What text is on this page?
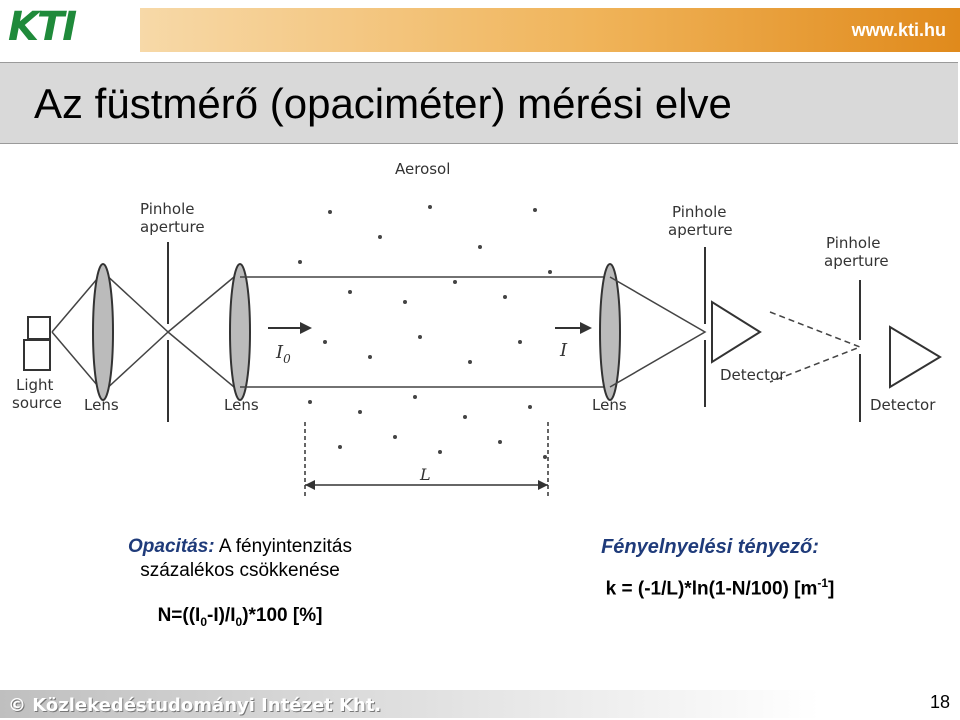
KTI	www.kti.hu
Az füstmérő (opaciméter) mérési elve
Aerosol
Pinhole
aperture
Pinhole
aperture
Pinhole
aperture
Light
source Lens	Lens	Lens
Detector
Detector
$I_0$	I
L
Opacitás: A fényintenzitás
százalékos csökkenése
$N=((I_0-I)/I_0)*100$ [%]
Fényelnyelési tényező:
k = (-1/L)*ln(1-N/100) $[m^{-1}]$
© Közlekedéstudományi Intézet Kht.	18
